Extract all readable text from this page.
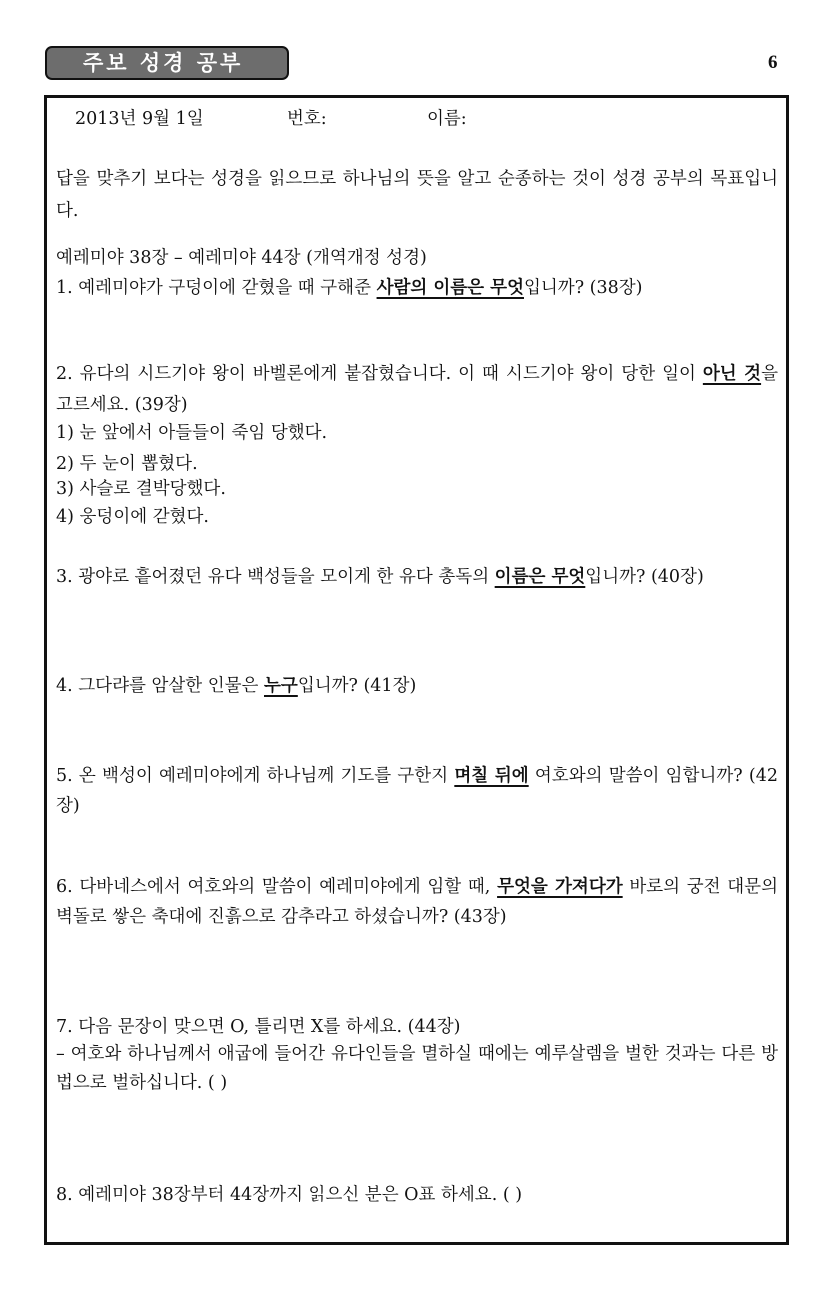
주보 성경 공부	6
2013년 9월 1일	번호:	이름:
답을 맞추기 보다는 성경을 읽으므로 하나님의 뜻을 알고 순종하는 것이 성경 공부의 목표입니다.
예레미야 38장 – 예레미야 44장 (개역개정 성경)
1. 예레미야가 구덩이에 갇혔을 때 구해준 사람의 이름은 무엇입니까? (38장)
2. 유다의 시드기야 왕이 바벨론에게 붙잡혔습니다. 이 때 시드기야 왕이 당한 일이 아닌 것을 고르세요. (39장)
1) 눈 앞에서 아들들이 죽임 당했다.
2) 두 눈이 뽑혔다.
3) 사슬로 결박당했다.
4) 웅덩이에 갇혔다.
3. 광야로 흩어졌던 유다 백성들을 모이게 한 유다 총독의 이름은 무엇입니까? (40장)
4. 그다랴를 암살한 인물은 누구입니까? (41장)
5. 온 백성이 예레미야에게 하나님께 기도를 구한지 며칠 뒤에 여호와의 말씀이 임합니까? (42장)
6. 다바네스에서 여호와의 말씀이 예레미야에게 임할 때, 무엇을 가져다가 바로의 궁전 대문의 벽돌로 쌓은 축대에 진흙으로 감추라고 하셨습니까? (43장)
7. 다음 문장이 맞으면 O, 틀리면 X를 하세요. (44장)
– 여호와 하나님께서 애굽에 들어간 유다인들을 멸하실 때에는 예루살렘을 벌한 것과는 다른 방법으로 벌하십니다. ( )
8. 예레미야 38장부터 44장까지 읽으신 분은 O표 하세요. ( )
